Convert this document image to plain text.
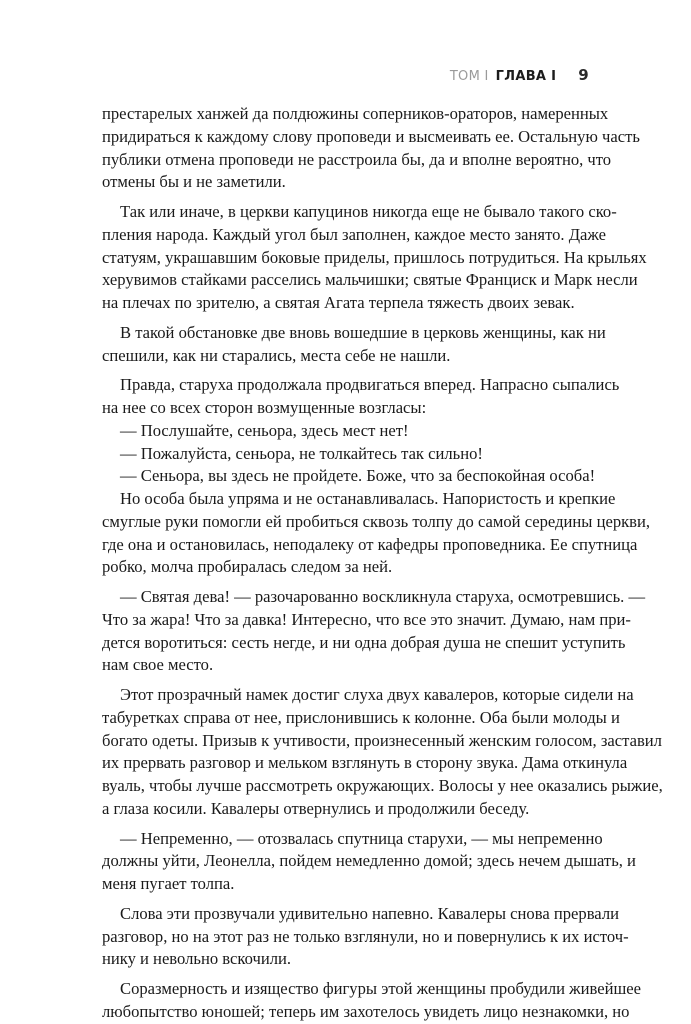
ТОМ I ГЛАВА I 9
престарелых ханжей да полдюжины соперников-ораторов, намеренных
придираться к каждому слову проповеди и высмеивать ее. Остальную часть
публики отмена проповеди не расстроила бы, да и вполне вероятно, что
отмены бы и не заметили.
Так или иначе, в церкви капуцинов никогда еще не бывало такого ско-
пления народа. Каждый угол был заполнен, каждое место занято. Даже
статуям, украшавшим боковые приделы, пришлось потрудиться. На крыльях
херувимов стайками расселись мальчишки; святые Франциск и Марк несли
на плечах по зрителю, а святая Агата терпела тяжесть двоих зевак.
В такой обстановке две вновь вошедшие в церковь женщины, как ни
спешили, как ни старались, места себе не нашли.
Правда, старуха продолжала продвигаться вперед. Напрасно сыпались
на нее со всех сторон возмущенные возгласы:
— Послушайте, сеньора, здесь мест нет!
— Пожалуйста, сеньора, не толкайтесь так сильно!
— Сеньора, вы здесь не пройдете. Боже, что за беспокойная особа!
Но особа была упряма и не останавливалась. Напористость и крепкие
смуглые руки помогли ей пробиться сквозь толпу до самой середины церкви,
где она и остановилась, неподалеку от кафедры проповедника. Ее спутница
робко, молча пробиралась следом за ней.
— Святая дева! — разочарованно воскликнула старуха, осмотревшись. —
Что за жара! Что за давка! Интересно, что все это значит. Думаю, нам при-
дется воротиться: сесть негде, и ни одна добрая душа не спешит уступить
нам свое место.
Этот прозрачный намек достиг слуха двух кавалеров, которые сидели на
табуретках справа от нее, прислонившись к колонне. Оба были молоды и
богато одеты. Призыв к учтивости, произнесенный женским голосом, заставил
их прервать разговор и мельком взглянуть в сторону звука. Дама откинула
вуаль, чтобы лучше рассмотреть окружающих. Волосы у нее оказались рыжие,
а глаза косили. Кавалеры отвернулись и продолжили беседу.
— Непременно, — отозвалась спутница старухи, — мы непременно
должны уйти, Леонелла, пойдем немедленно домой; здесь нечем дышать, и
меня пугает толпа.
Слова эти прозвучали удивительно напевно. Кавалеры снова прервали
разговор, но на этот раз не только взглянули, но и повернулись к их источ-
нику и невольно вскочили.
Соразмерность и изящество фигуры этой женщины пробудили живейшее
любопытство юношей; теперь им захотелось увидеть лицо незнакомки, но
